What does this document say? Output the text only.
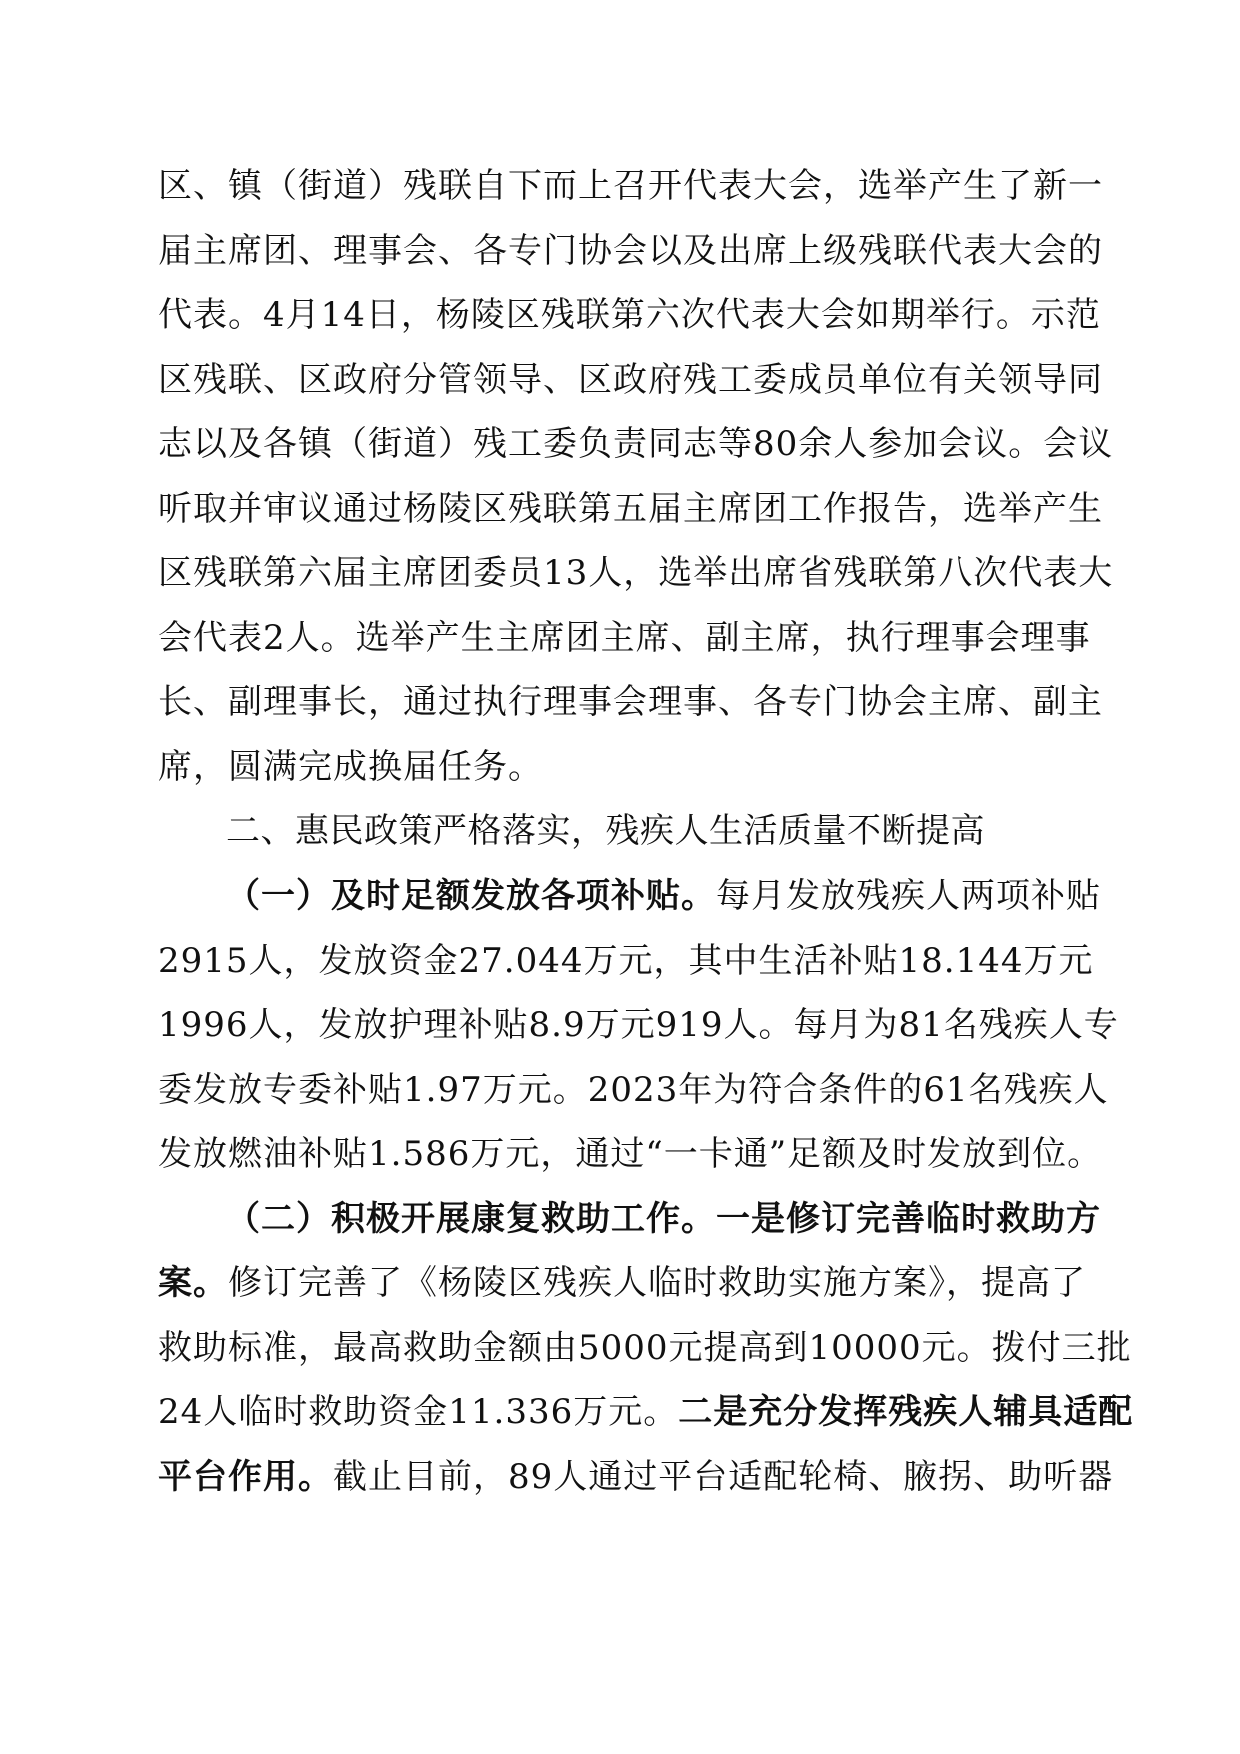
区、镇（街道）残联自下而上召开代表大会，选举产生了新一
届主席团、理事会、各专门协会以及出席上级残联代表大会的
代表。4月14日，杨陵区残联第六次代表大会如期举行。示范
区残联、区政府分管领导、区政府残工委成员单位有关领导同
志以及各镇（街道）残工委负责同志等80余人参加会议。会议
听取并审议通过杨陵区残联第五届主席团工作报告，选举产生
区残联第六届主席团委员13人，选举出席省残联第八次代表大
会代表2人。选举产生主席团主席、副主席，执行理事会理事
长、副理事长，通过执行理事会理事、各专门协会主席、副主
席，圆满完成换届任务。
二、惠民政策严格落实，残疾人生活质量不断提高
（一）及时足额发放各项补贴。每月发放残疾人两项补贴
2915人，发放资金27.044万元，其中生活补贴18.144万元
1996人，发放护理补贴8.9万元919人。每月为81名残疾人专
委发放专委补贴1.97万元。2023年为符合条件的61名残疾人
发放燃油补贴1.586万元，通过“一卡通”足额及时发放到位。
（二）积极开展康复救助工作。一是修订完善临时救助方
案。修订完善了《杨陵区残疾人临时救助实施方案》，提高了
救助标准，最高救助金额由5000元提高到10000元。拨付三批
24人临时救助资金11.336万元。二是充分发挥残疾人辅具适配
平台作用。截止目前，89人通过平台适配轮椅、腋拐、助听器
